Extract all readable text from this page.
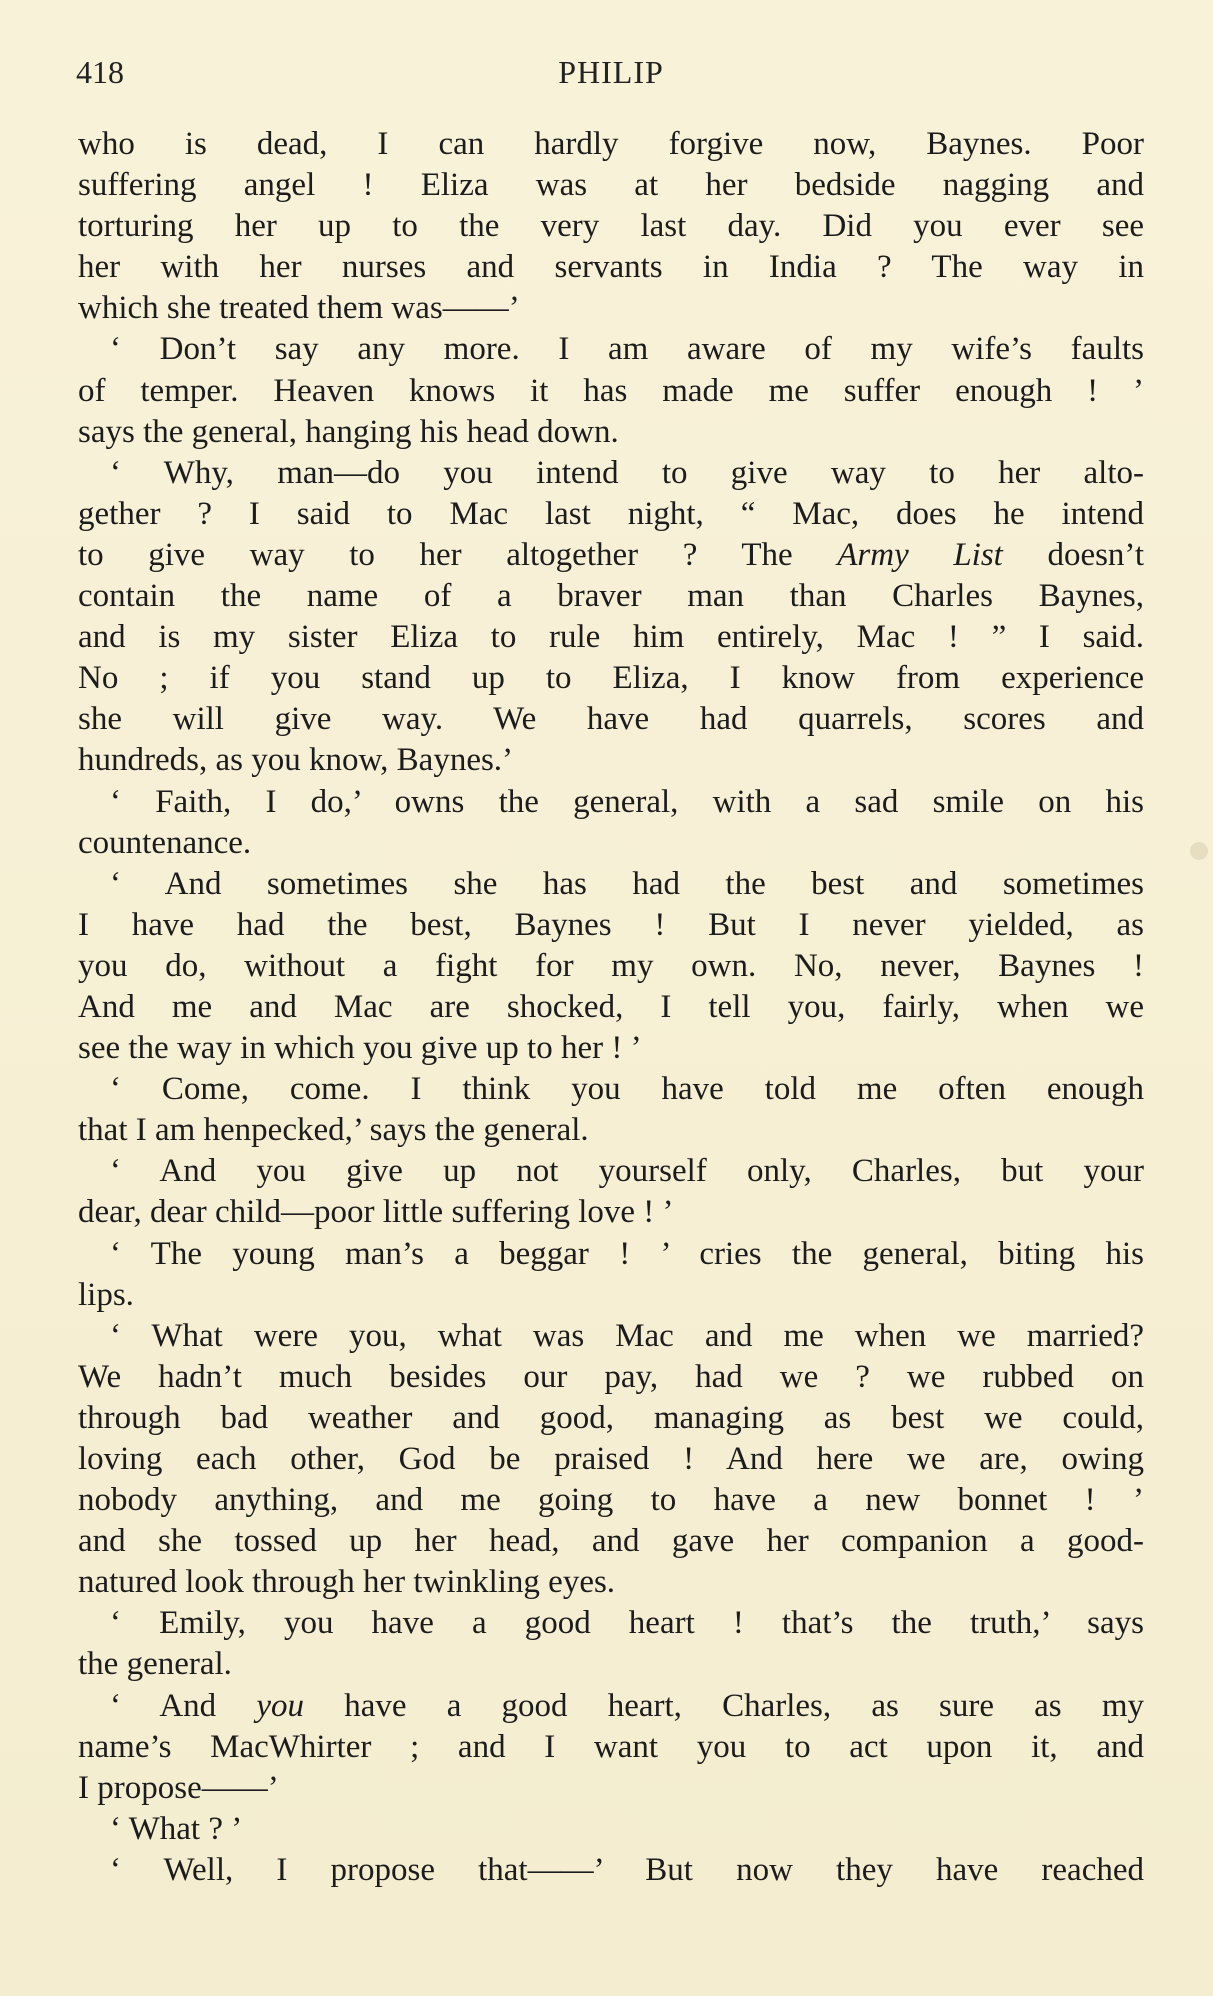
418	PHILIP
who is dead, I can hardly forgive now, Baynes. Poor
suffering angel ! Eliza was at her bedside nagging and
torturing her up to the very last day. Did you ever see
her with her nurses and servants in India ? The way in
which she treated them was——’
‘ Don’t say any more. I am aware of my wife’s faults
of temper. Heaven knows it has made me suffer enough ! ’
says the general, hanging his head down.
‘ Why, man—do you intend to give way to her alto-
gether ? I said to Mac last night, “ Mac, does he intend
to give way to her altogether ? The Army List doesn’t
contain the name of a braver man than Charles Baynes,
and is my sister Eliza to rule him entirely, Mac ! ” I said.
No ; if you stand up to Eliza, I know from experience
she will give way. We have had quarrels, scores and
hundreds, as you know, Baynes.’
‘ Faith, I do,’ owns the general, with a sad smile on his
countenance.
‘ And sometimes she has had the best and sometimes
I have had the best, Baynes ! But I never yielded, as
you do, without a fight for my own. No, never, Baynes !
And me and Mac are shocked, I tell you, fairly, when we
see the way in which you give up to her ! ’
‘ Come, come. I think you have told me often enough
that I am henpecked,’ says the general.
‘ And you give up not yourself only, Charles, but your
dear, dear child—poor little suffering love ! ’
‘ The young man’s a beggar ! ’ cries the general, biting his
lips.
‘ What were you, what was Mac and me when we married?
We hadn’t much besides our pay, had we ? we rubbed on
through bad weather and good, managing as best we could,
loving each other, God be praised ! And here we are, owing
nobody anything, and me going to have a new bonnet ! ’
and she tossed up her head, and gave her companion a good-
natured look through her twinkling eyes.
‘ Emily, you have a good heart ! that’s the truth,’ says
the general.
‘ And you have a good heart, Charles, as sure as my
name’s MacWhirter ; and I want you to act upon it, and
I propose——’
‘ What ? ’
‘ Well, I propose that——’ But now they have reached
